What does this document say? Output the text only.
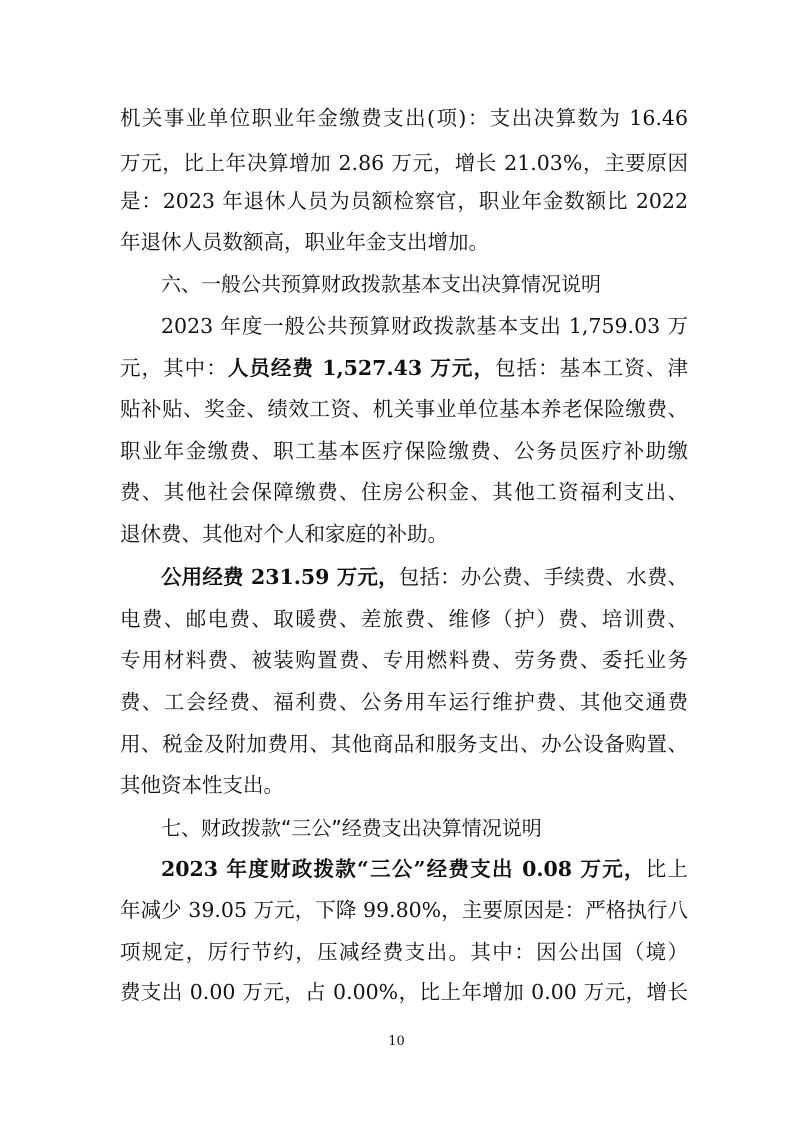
机关事业单位职业年金缴费支出(项)：支出决算数为 16.46
万元，比上年决算增加 2.86 万元，增长 21.03%，主要原因
是：2023 年退休人员为员额检察官，职业年金数额比 2022
年退休人员数额高，职业年金支出增加。
六、一般公共预算财政拨款基本支出决算情况说明
2023 年度一般公共预算财政拨款基本支出 1,759.03 万
元，其中：人员经费 1,527.43 万元，包括：基本工资、津
贴补贴、奖金、绩效工资、机关事业单位基本养老保险缴费、
职业年金缴费、职工基本医疗保险缴费、公务员医疗补助缴
费、其他社会保障缴费、住房公积金、其他工资福利支出、
退休费、其他对个人和家庭的补助。
公用经费 231.59 万元，包括：办公费、手续费、水费、
电费、邮电费、取暖费、差旅费、维修（护）费、培训费、
专用材料费、被装购置费、专用燃料费、劳务费、委托业务
费、工会经费、福利费、公务用车运行维护费、其他交通费
用、税金及附加费用、其他商品和服务支出、办公设备购置、
其他资本性支出。
七、财政拨款“三公”经费支出决算情况说明
2023 年度财政拨款“三公”经费支出 0.08 万元，比上
年减少 39.05 万元，下降 99.80%，主要原因是：严格执行八
项规定，厉行节约，压减经费支出。其中：因公出国（境）
费支出 0.00 万元，占 0.00%，比上年增加 0.00 万元，增长
10
